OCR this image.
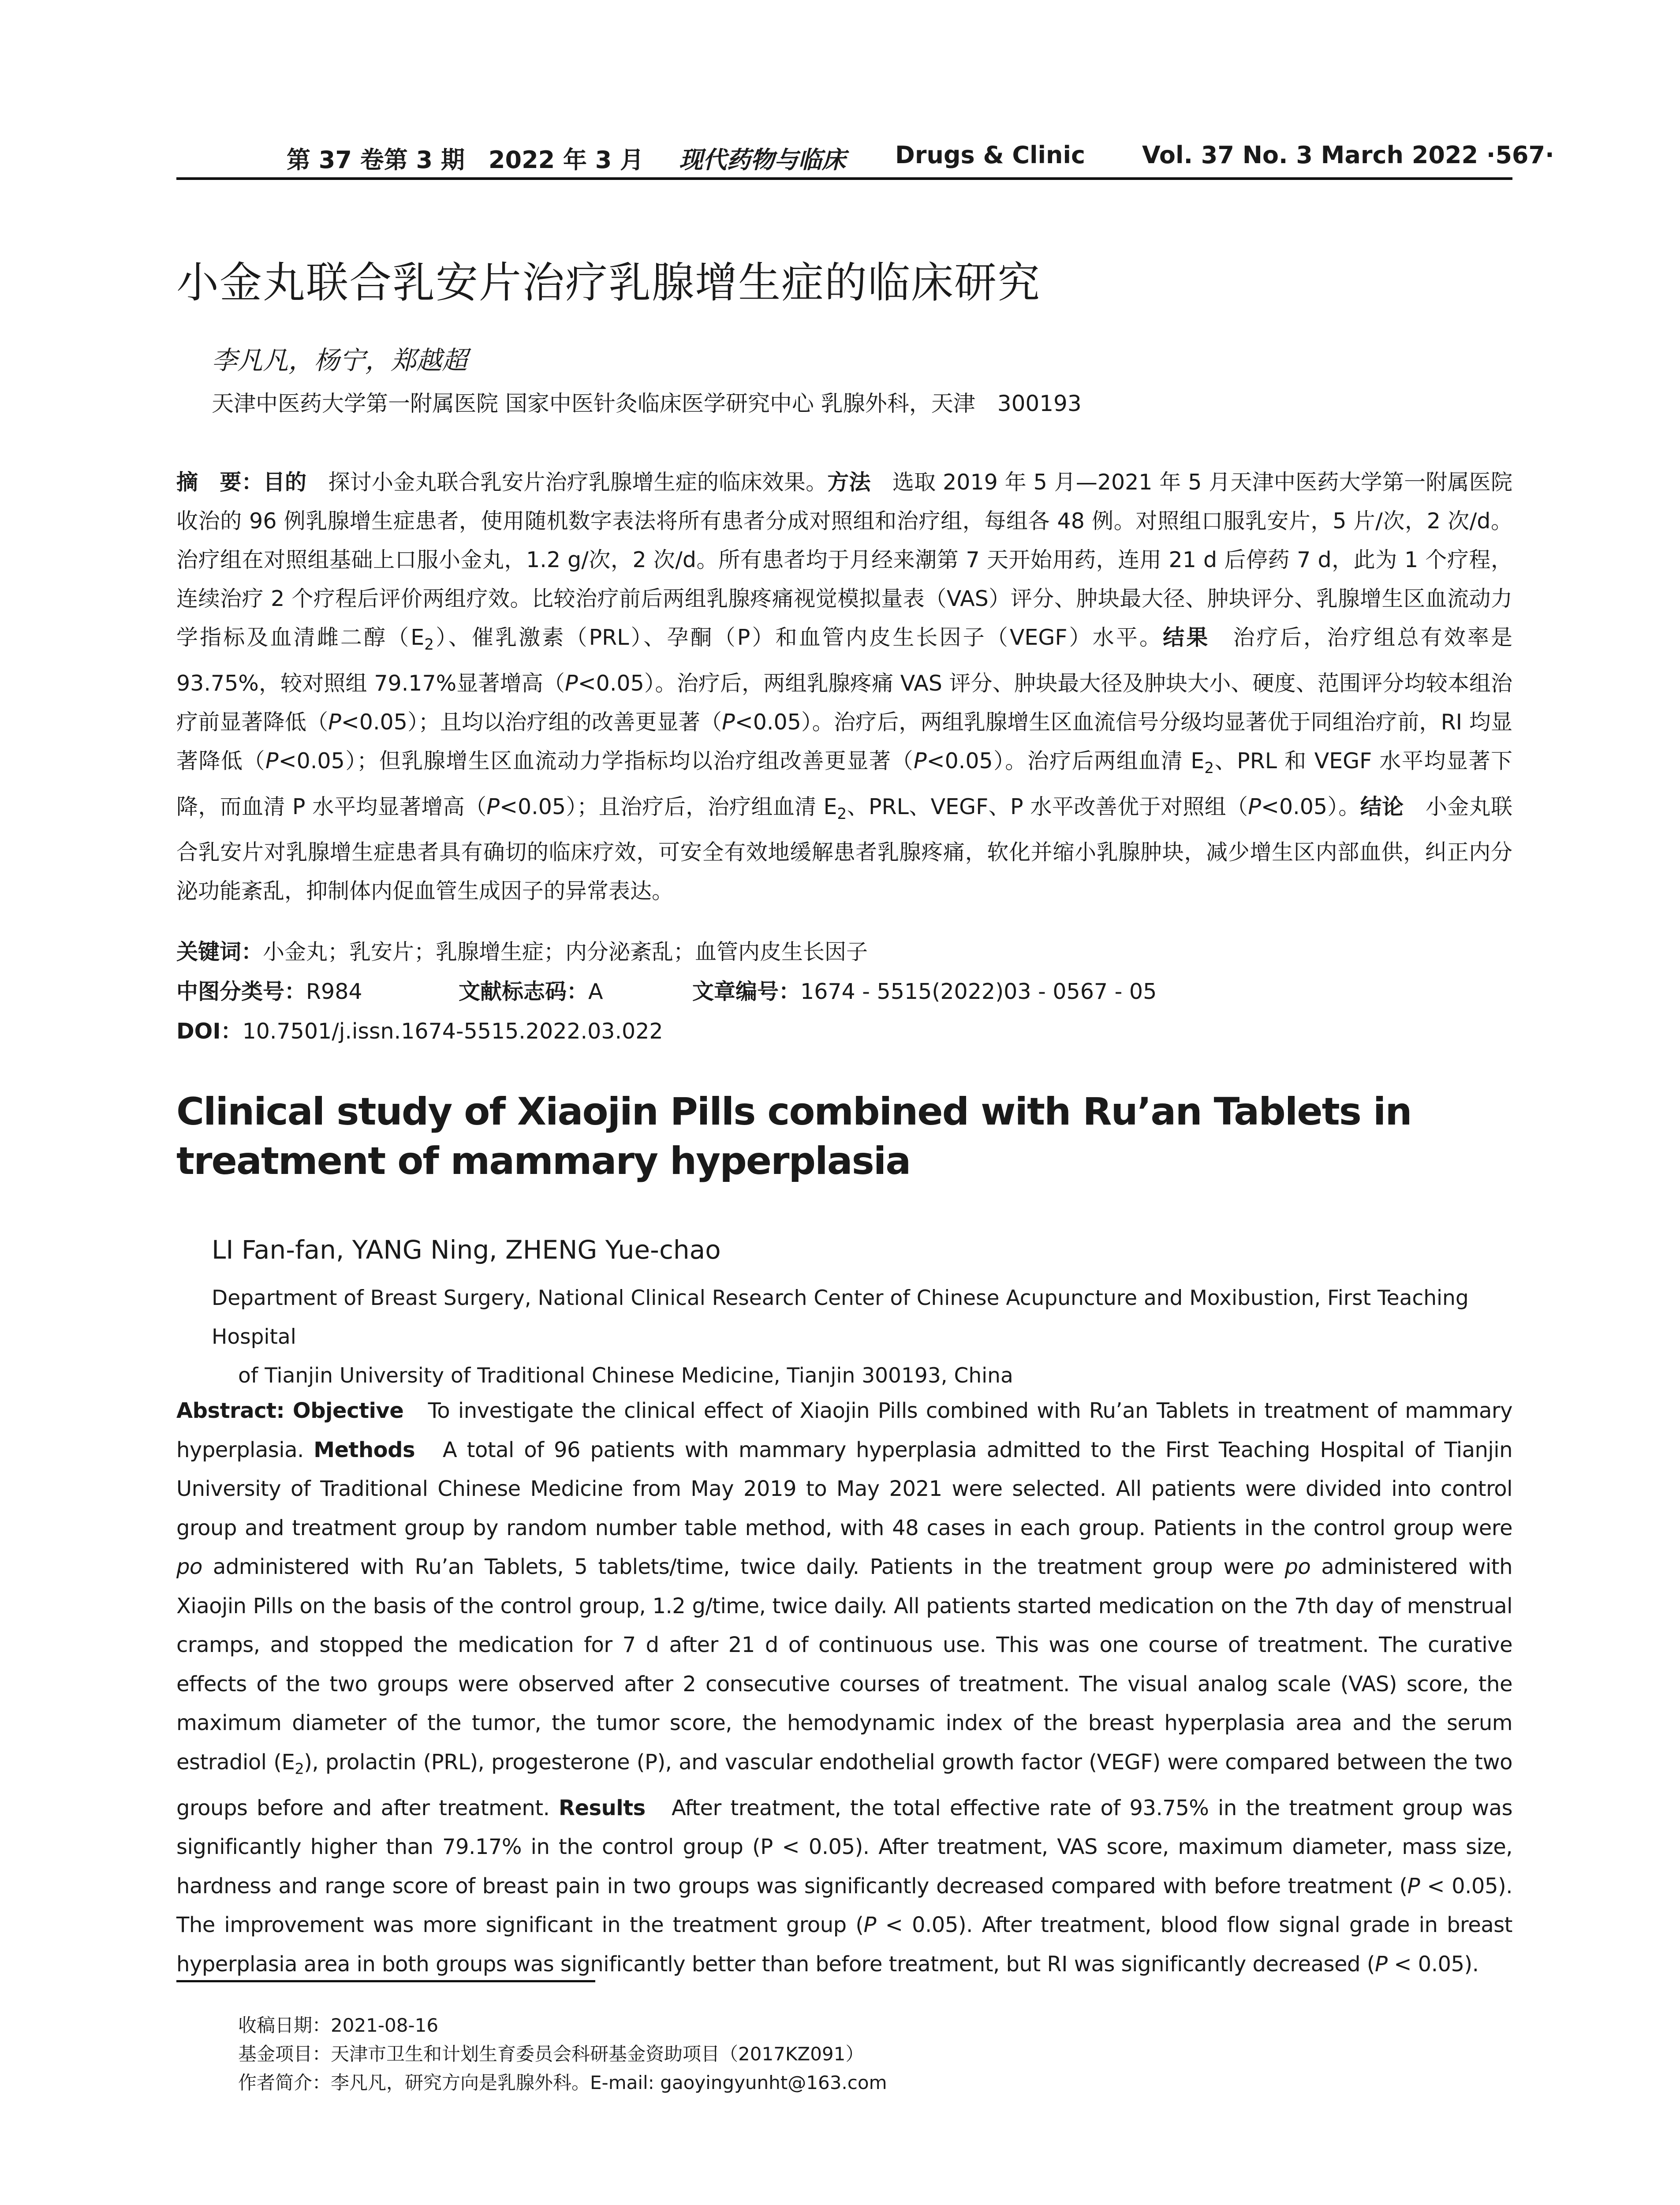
第 37 卷第 3 期　2022 年 3 月 现代药物与临床 Drugs & Clinic Vol. 37 No. 3 March 2022 ·567·
小金丸联合乳安片治疗乳腺增生症的临床研究
李凡凡，杨宁，郑越超
天津中医药大学第一附属医院 国家中医针灸临床医学研究中心 乳腺外科，天津　300193

摘　要：目的　探讨小金丸联合乳安片治疗乳腺增生症的临床效果。方法　选取 2019 年 5 月—2021 年 5 月天津中医药大学第一附属医院收治的 96 例乳腺增生症患者，使用随机数字表法将所有患者分成对照组和治疗组，每组各 48 例。对照组口服乳安片，5 片/次，2 次/d。治疗组在对照组基础上口服小金丸，1.2 g/次，2 次/d。所有患者均于月经来潮第 7 天开始用药，连用 21 d 后停药 7 d，此为 1 个疗程，连续治疗 2 个疗程后评价两组疗效。比较治疗前后两组乳腺疼痛视觉模拟量表（VAS）评分、肿块最大径、肿块评分、乳腺增生区血流动力学指标及血清雌二醇$(E_2)$、催乳激素（PRL）、孕酮（P）和血管内皮生长因子（VEGF）水平。结果　治疗后，治疗组总有效率是 93.75%，较对照组 79.17%显著增高（P<0.05）。治疗后，两组乳腺疼痛 VAS 评分、肿块最大径及肿块大小、硬度、范围评分均较本组治疗前显著降低（P<0.05）；且均以治疗组的改善更显著（P<0.05）。治疗后，两组乳腺增生区血流信号分级均显著优于同组治疗前，RI 均显著降低（P<0.05）；但乳腺增生区血流动力学指标均以治疗组改善更显著（P<0.05）。治疗后两组血清 $E_2$、PRL 和 VEGF 水平均显著下降，而血清 P 水平均显著增高（P<0.05）；且治疗后，治疗组血清 $E_2$、PRL、VEGF、P 水平改善优于对照组（P<0.05）。结论　小金丸联合乳安片对乳腺增生症患者具有确切的临床疗效，可安全有效地缓解患者乳腺疼痛，软化并缩小乳腺肿块，减少增生区内部血供，纠正内分泌功能紊乱，抑制体内促血管生成因子的异常表达。

关键词：小金丸；乳安片；乳腺增生症；内分泌紊乱；血管内皮生长因子
中图分类号：R984	文献标志码：A	文章编号：1674 - 5515(2022)03 - 0567 - 05
DOI：10.7501/j.issn.1674-5515.2022.03.022
Clinical study of Xiaojin Pills combined with Ru’an Tablets in treatment of mammary hyperplasia
LI Fan-fan, YANG Ning, ZHENG Yue-chao
Department of Breast Surgery, National Clinical Research Center of Chinese Acupuncture and Moxibustion, First Teaching Hospital
of Tianjin University of Traditional Chinese Medicine, Tianjin 300193, China

Abstract: Objective　To investigate the clinical effect of Xiaojin Pills combined with Ru’an Tablets in treatment of mammary hyperplasia. Methods　A total of 96 patients with mammary hyperplasia admitted to the First Teaching Hospital of Tianjin University of Traditional Chinese Medicine from May 2019 to May 2021 were selected. All patients were divided into control group and treatment group by random number table method, with 48 cases in each group. Patients in the control group were po administered with Ru’an Tablets, 5 tablets/time, twice daily. Patients in the treatment group were po administered with Xiaojin Pills on the basis of the control group, 1.2 g/time, twice daily. All patients started medication on the 7th day of menstrual cramps, and stopped the medication for 7 d after 21 d of continuous use. This was one course of treatment. The curative effects of the two groups were observed after 2 consecutive courses of treatment. The visual analog scale (VAS) score, the maximum diameter of the tumor, the tumor score, the hemodynamic index of the breast hyperplasia area and the serum estradiol $(E_2)$, prolactin (PRL), progesterone (P), and vascular endothelial growth factor (VEGF) were compared between the two groups before and after treatment. Results　After treatment, the total effective rate of 93.75% in the treatment group was significantly higher than 79.17% in the control group (P < 0.05). After treatment, VAS score, maximum diameter, mass size, hardness and range score of breast pain in two groups was significantly decreased compared with before treatment (P < 0.05). The improvement was more significant in the treatment group (P < 0.05). After treatment, blood flow signal grade in breast hyperplasia area in both groups was significantly better than before treatment, but RI was significantly decreased (P < 0.05).

收稿日期：2021-08-16
基金项目：天津市卫生和计划生育委员会科研基金资助项目（2017KZ091）
作者简介：李凡凡，研究方向是乳腺外科。E-mail: gaoyingyunht@163.com
